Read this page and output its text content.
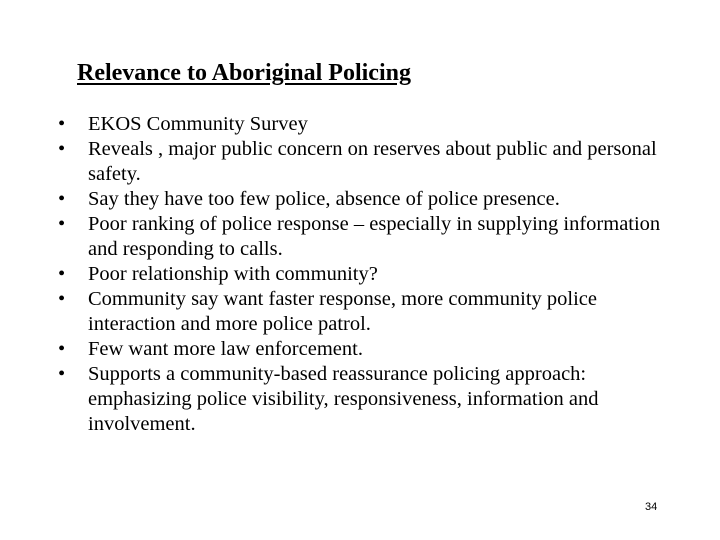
Relevance to Aboriginal Policing
•	EKOS Community Survey
•	Reveals , major public concern on reserves about public and personal safety.
•	Say they have too few police, absence of police presence.
•	Poor ranking of police response – especially in supplying information and responding to calls.
•	Poor relationship with community?
•	Community say want faster response, more community police interaction and more police patrol.
•	Few want more law enforcement.
•	Supports a community-based reassurance policing approach: emphasizing police visibility, responsiveness, information and involvement.
34
